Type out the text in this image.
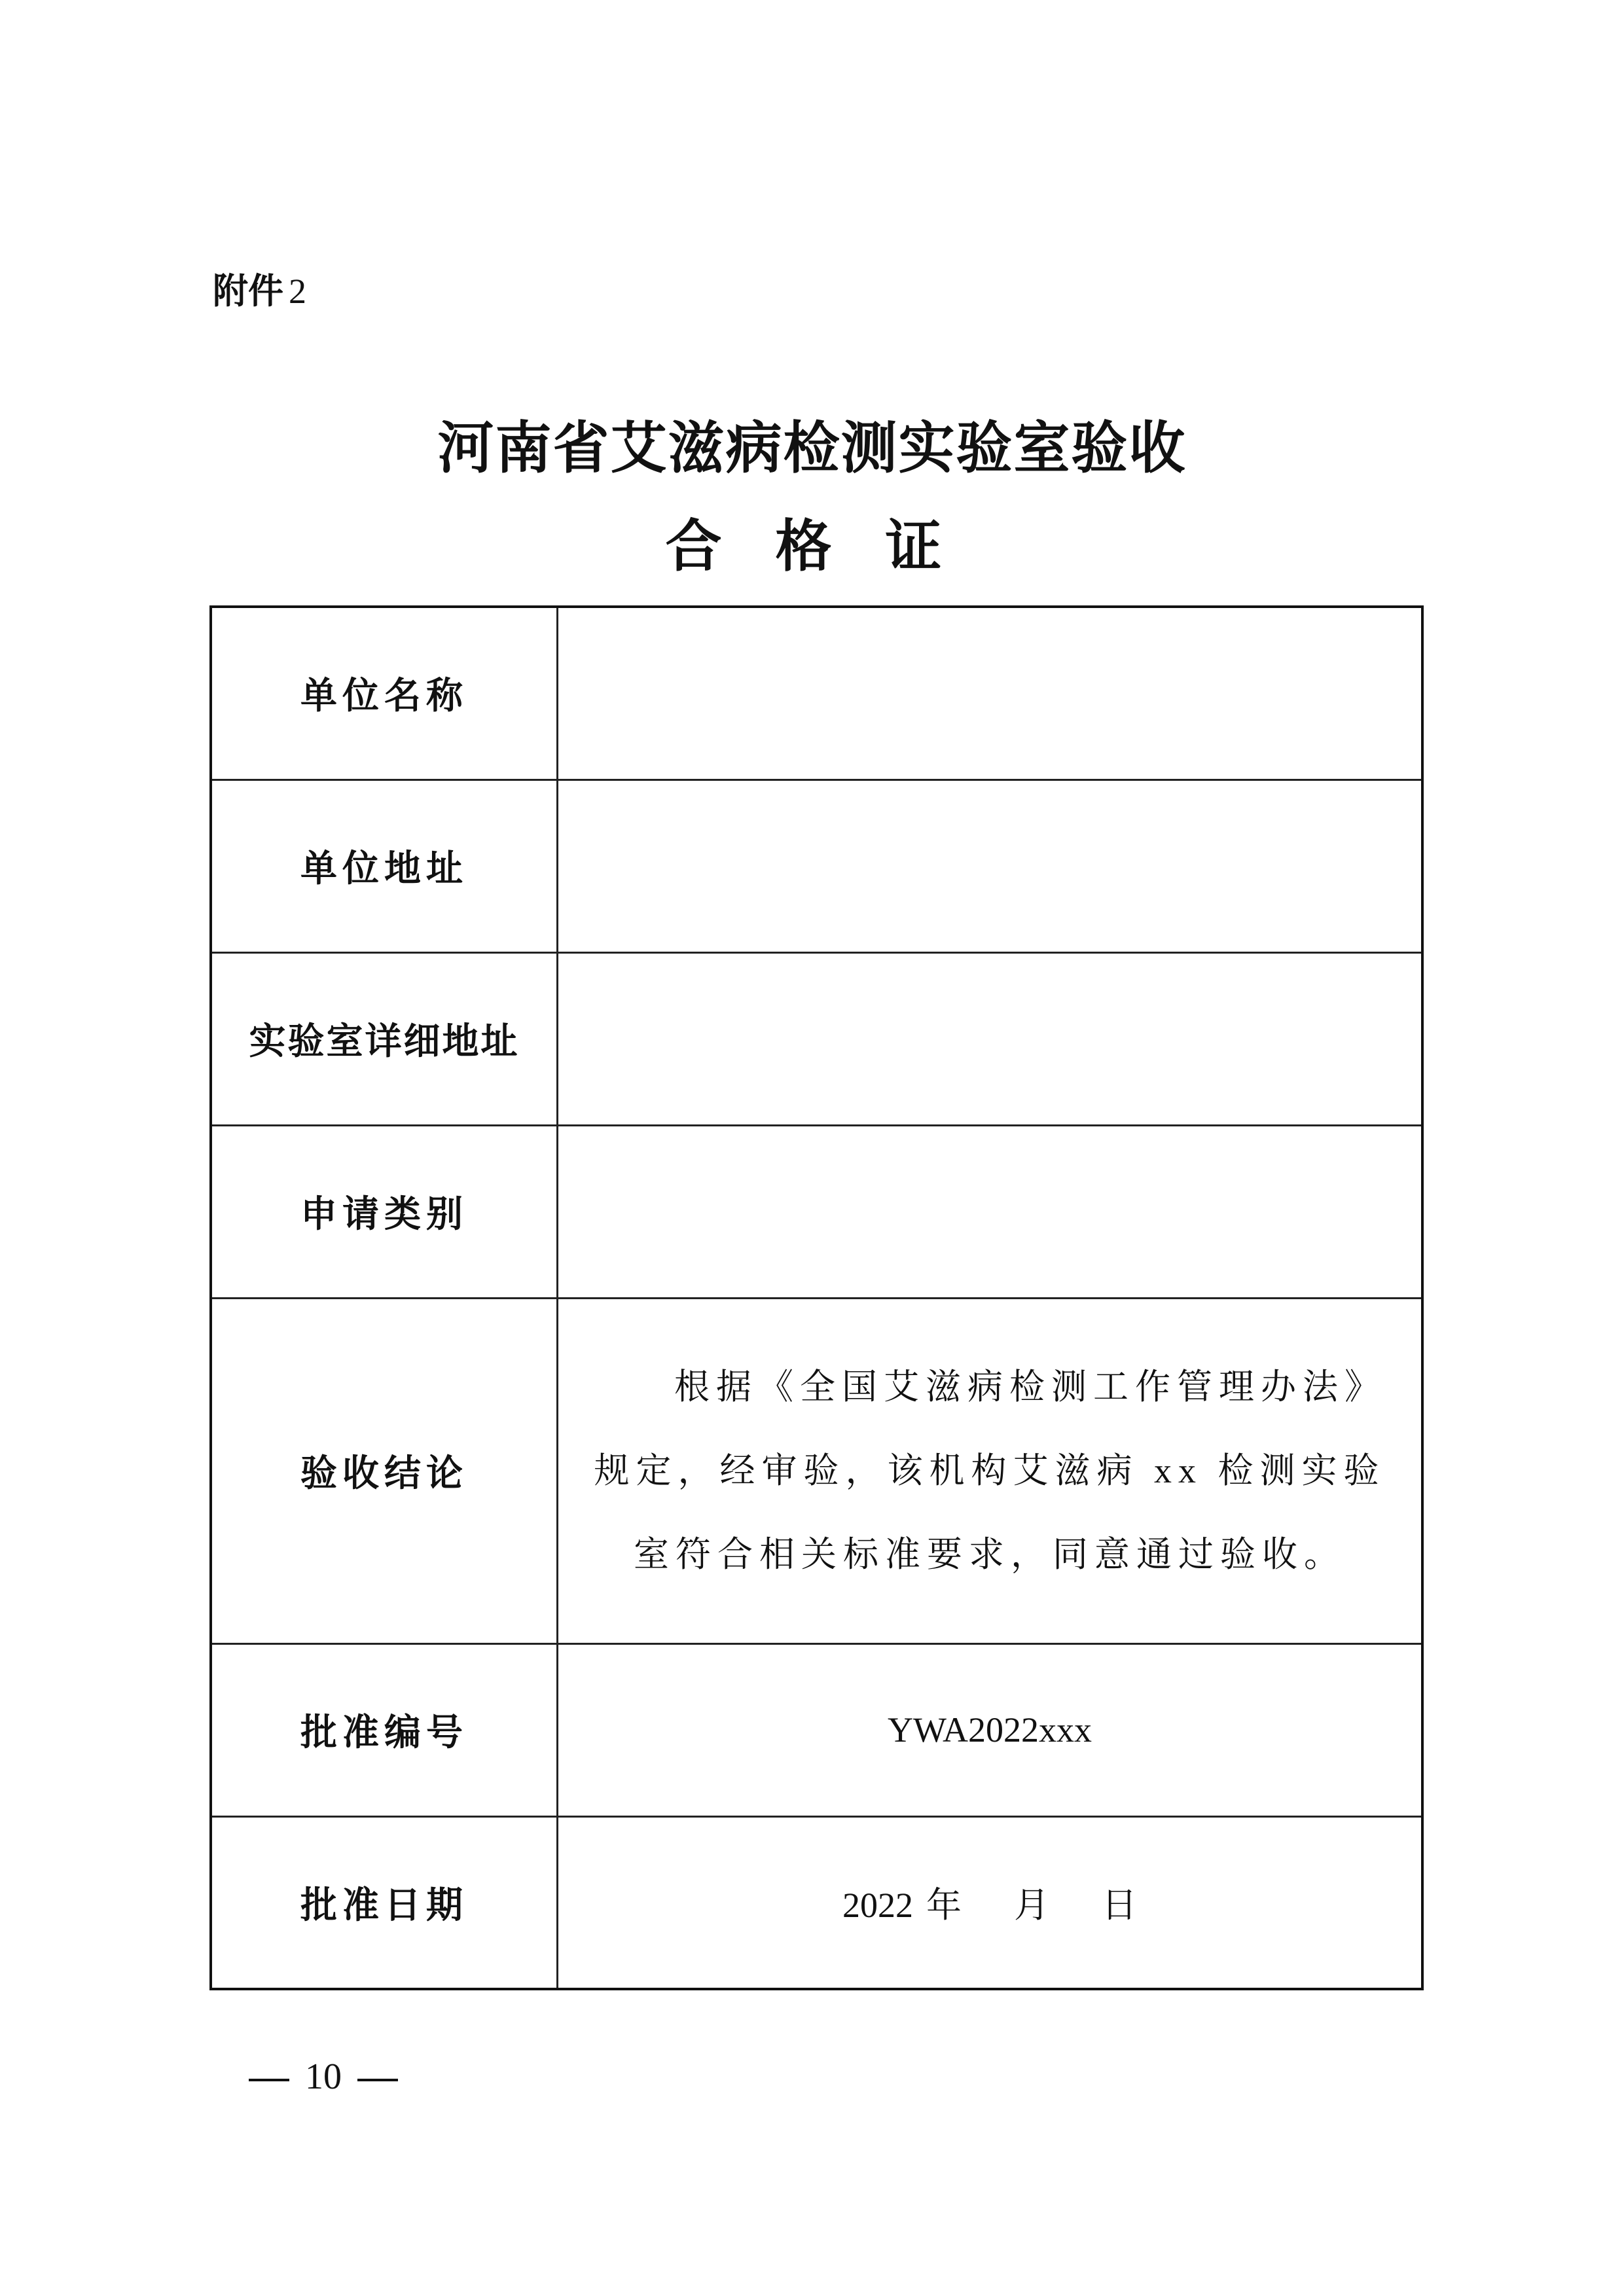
附件 2
河南省艾滋病检测实验室验收
合 格 证
单位名称	
单位地址	
实验室详细地址	
申请类别	
验收结论	根据《全国艾滋病检测工作管理办法》规定，经审验，该机构艾滋病 xx 检测实验室符合相关标准要求，同意通过验收。

批准编号	YWA2022xxx
批准日期	2022 年 月 日
10
